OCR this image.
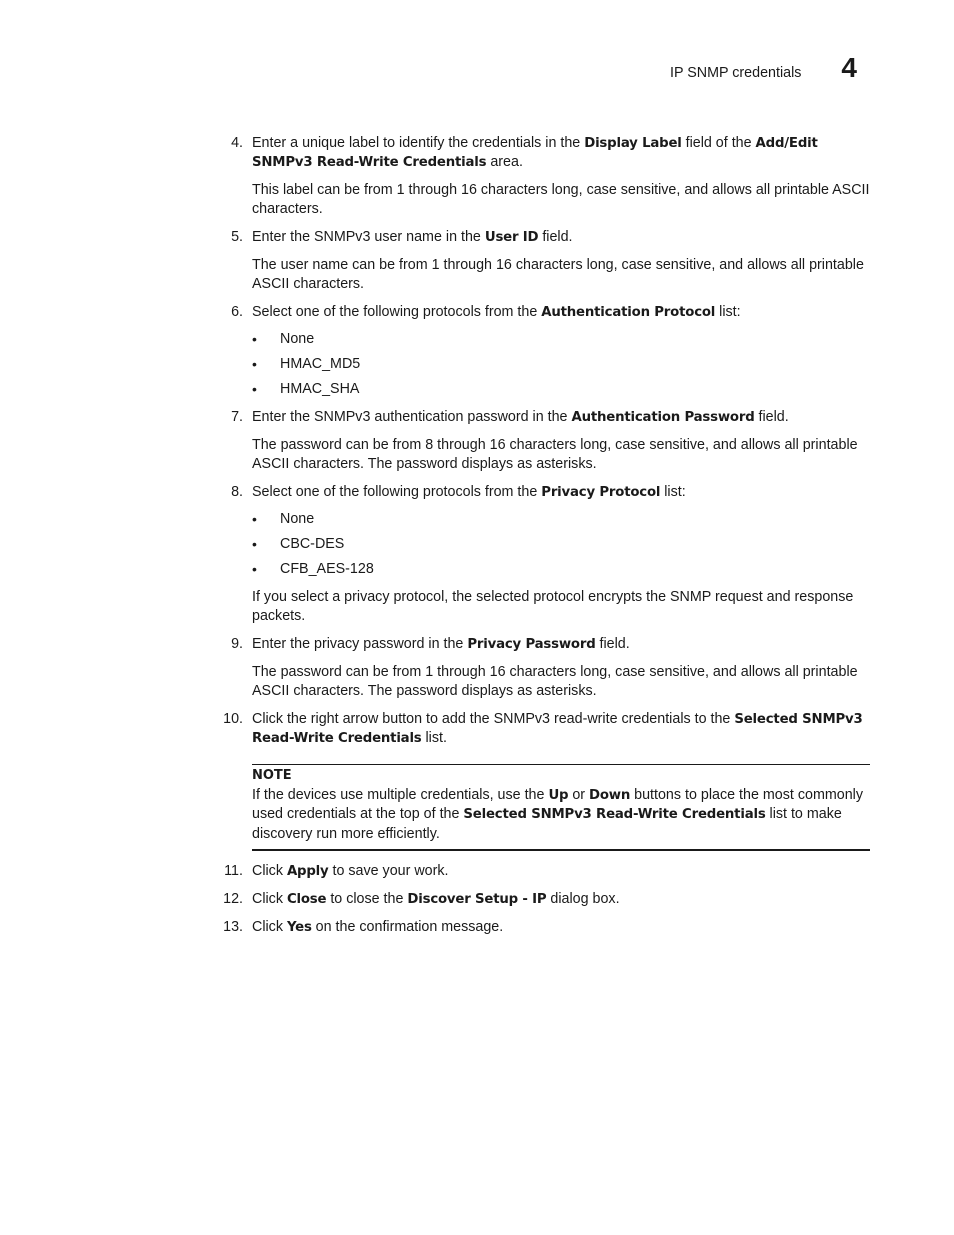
IP SNMP credentials 4
4. Enter a unique label to identify the credentials in the Display Label field of the Add/Edit SNMPv3 Read-Write Credentials area.
This label can be from 1 through 16 characters long, case sensitive, and allows all printable ASCII characters.
5. Enter the SNMPv3 user name in the User ID field.
The user name can be from 1 through 16 characters long, case sensitive, and allows all printable ASCII characters.
6. Select one of the following protocols from the Authentication Protocol list:
•	None
•	HMAC_MD5
•	HMAC_SHA
7. Enter the SNMPv3 authentication password in the Authentication Password field.
The password can be from 8 through 16 characters long, case sensitive, and allows all printable ASCII characters. The password displays as asterisks.
8. Select one of the following protocols from the Privacy Protocol list:
•	None
•	CBC-DES
•	CFB_AES-128
If you select a privacy protocol, the selected protocol encrypts the SNMP request and response packets.
9. Enter the privacy password in the Privacy Password field.
The password can be from 1 through 16 characters long, case sensitive, and allows all printable ASCII characters. The password displays as asterisks.
10. Click the right arrow button to add the SNMPv3 read-write credentials to the Selected SNMPv3 Read-Write Credentials list.
NOTE
If the devices use multiple credentials, use the Up or Down buttons to place the most commonly used credentials at the top of the Selected SNMPv3 Read-Write Credentials list to make discovery run more efficiently.
11. Click Apply to save your work.
12. Click Close to close the Discover Setup - IP dialog box.
13. Click Yes on the confirmation message.
